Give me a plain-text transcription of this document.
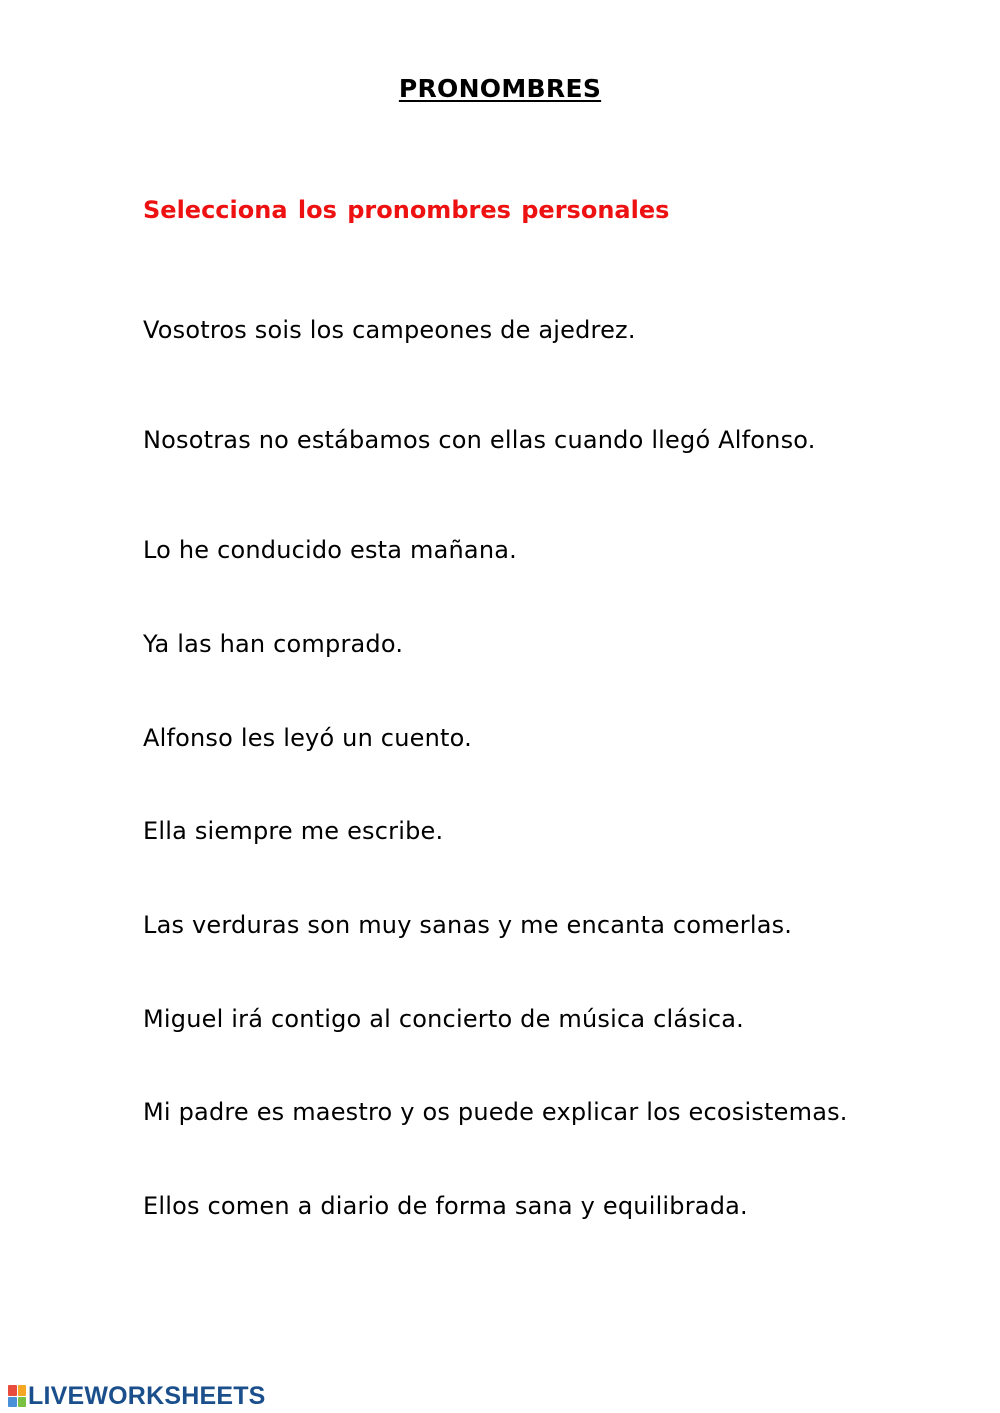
PRONOMBRES

Selecciona los pronombres personales

Vosotros sois los campeones de ajedrez.

Nosotras no estábamos con ellas cuando llegó Alfonso.

Lo he conducido esta mañana.

Ya las han comprado.

Alfonso les leyó un cuento.

Ella siempre me escribe.

Las verduras son muy sanas y me encanta comerlas.

Miguel irá contigo al concierto de música clásica.

Mi padre es maestro y os puede explicar los ecosistemas.

Ellos comen a diario de forma sana y equilibrada.

LIVEWORKSHEETS
